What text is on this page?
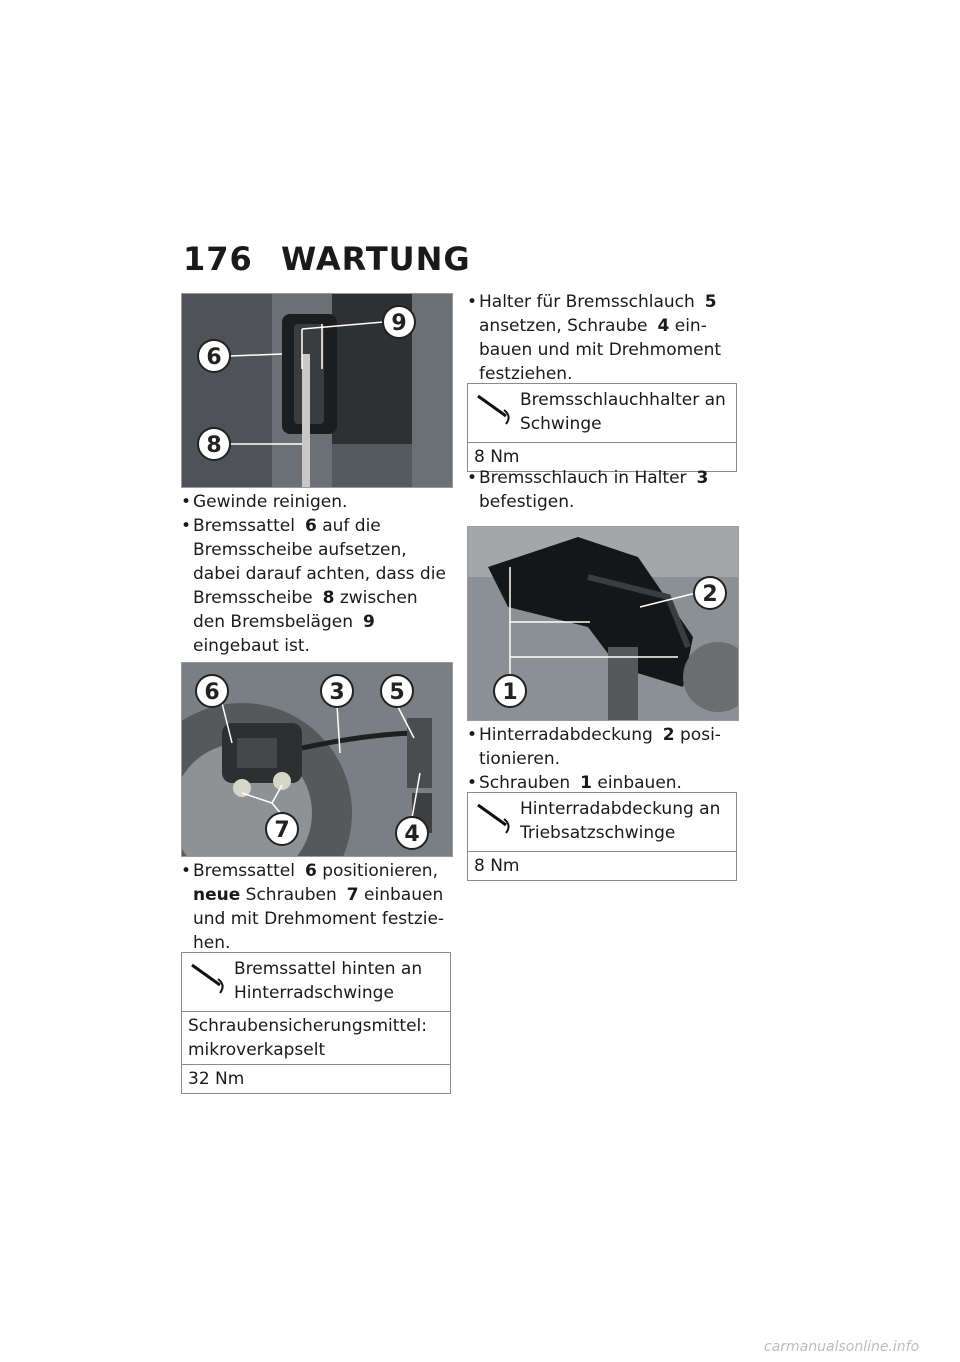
176 WARTUNG
9
6
8
• Gewinde reinigen.
• Bremssattel 6 auf die Bremsscheibe aufsetzen, dabei darauf achten, dass die Bremsscheibe 8 zwischen den Bremsbelägen 9 eingebaut ist.
6	3 5
7	4
• Bremssattel 6 positionieren, neue Schrauben 7 einbauen und mit Drehmoment festzie-hen.
Bremssattel hinten an Hinterradschwinge
Schraubensicherungsmittel: mikroverkapselt
32 Nm
• Halter für Bremsschlauch 5 ansetzen, Schraube 4 ein-bauen und mit Drehmoment festziehen.
Bremsschlauchhalter an Schwinge
8 Nm
• Bremsschlauch in Halter 3 befestigen.
2
1
• Hinterradabdeckung 2 posi-tionieren.
• Schrauben 1 einbauen.
Hinterradabdeckung an Triebsatzschwinge
8 Nm
carmanualsonline.info
